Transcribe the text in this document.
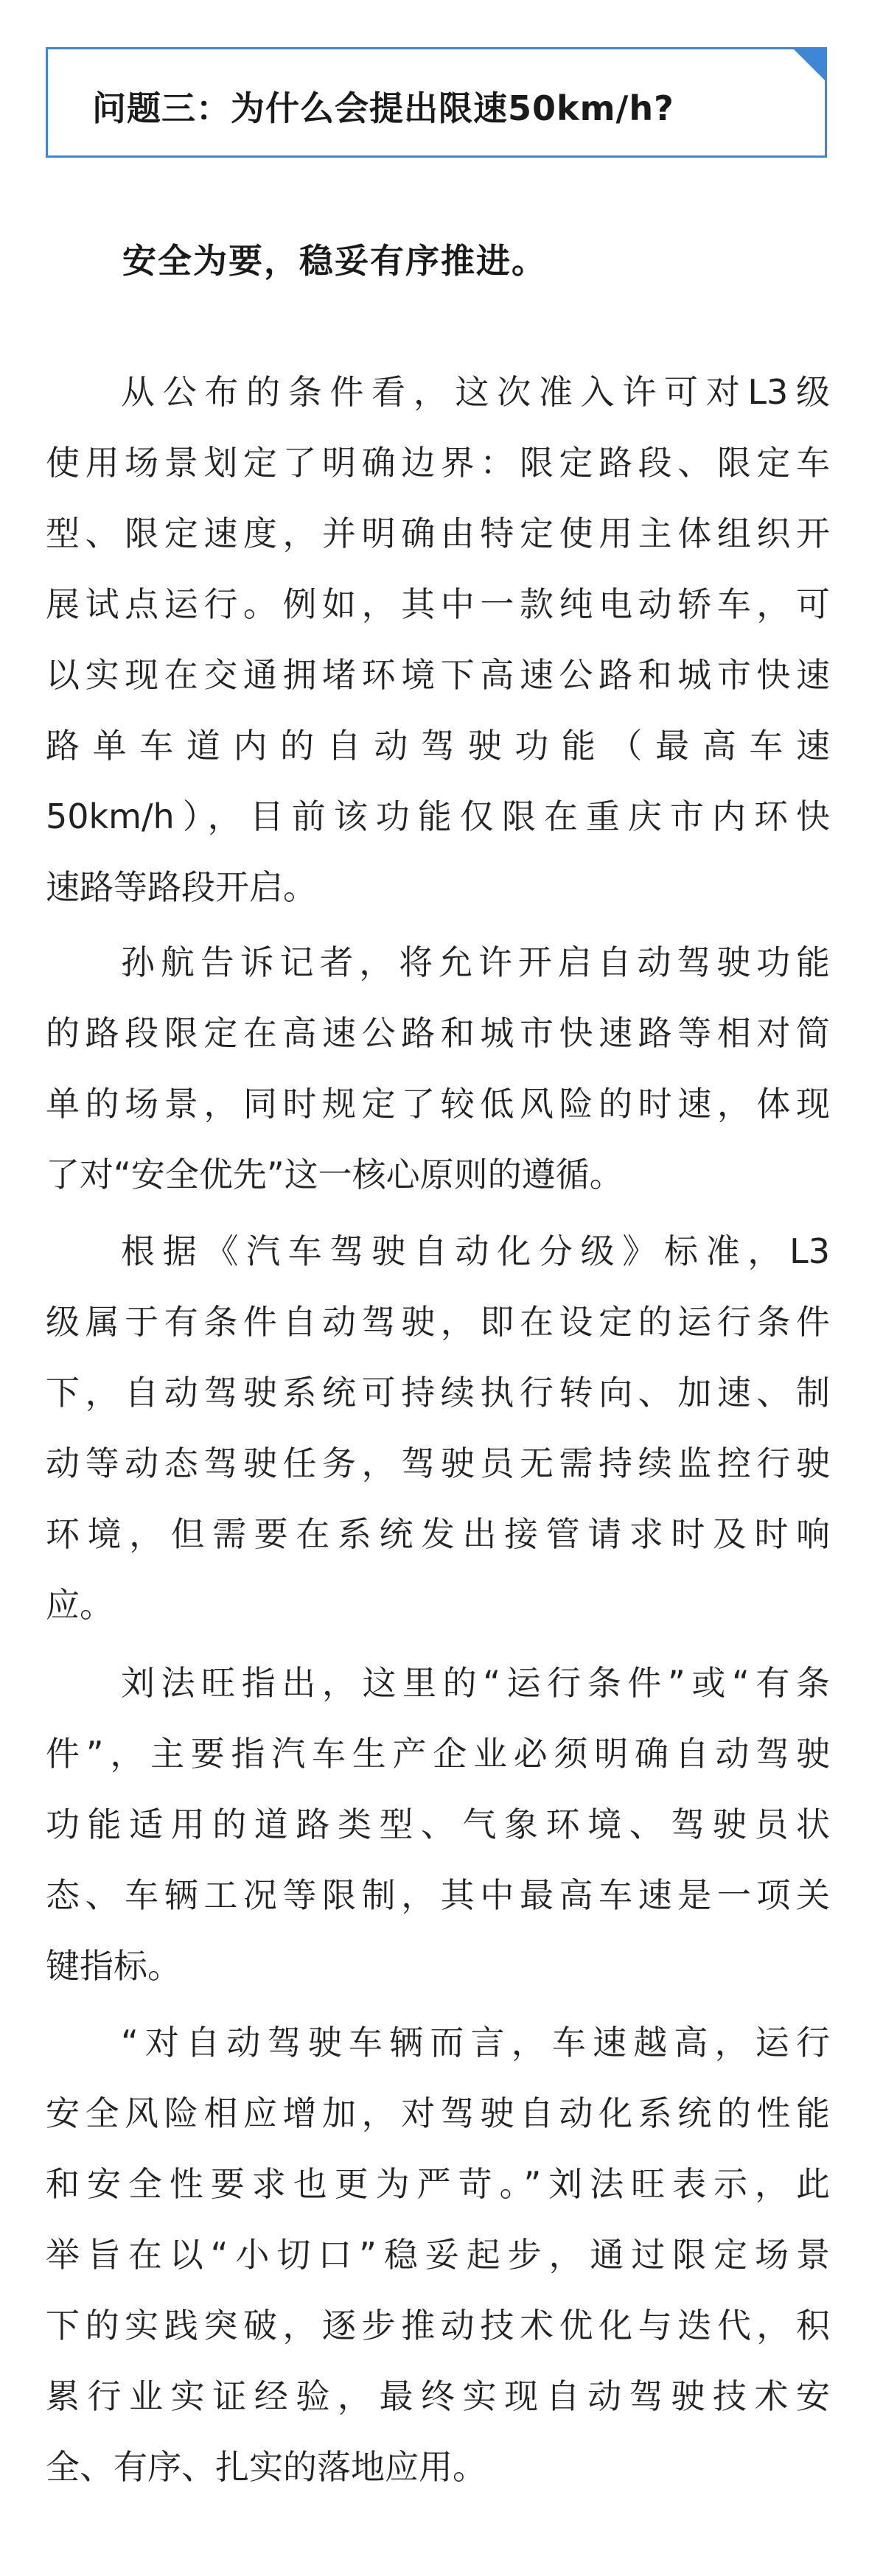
问题三：为什么会提出限速50km/h?
安全为要，稳妥有序推进。
从公布的条件看，这次准入许可对L3级
使用场景划定了明确边界：限定路段、限定车
型、限定速度，并明确由特定使用主体组织开
展试点运行。例如，其中一款纯电动轿车，可
以实现在交通拥堵环境下高速公路和城市快速
路单车道内的自动驾驶功能（最高车速
50km/h），目前该功能仅限在重庆市内环快
速路等路段开启。
孙航告诉记者，将允许开启自动驾驶功能
的路段限定在高速公路和城市快速路等相对简
单的场景，同时规定了较低风险的时速，体现
了对“安全优先”这一核心原则的遵循。
根据《汽车驾驶自动化分级》标准，L3
级属于有条件自动驾驶，即在设定的运行条件
下，自动驾驶系统可持续执行转向、加速、制
动等动态驾驶任务，驾驶员无需持续监控行驶
环境，但需要在系统发出接管请求时及时响
应。
刘法旺指出，这里的“运行条件”或“有条
件”，主要指汽车生产企业必须明确自动驾驶
功能适用的道路类型、气象环境、驾驶员状
态、车辆工况等限制，其中最高车速是一项关
键指标。
“对自动驾驶车辆而言，车速越高，运行
安全风险相应增加，对驾驶自动化系统的性能
和安全性要求也更为严苛。”刘法旺表示，此
举旨在以“小切口”稳妥起步，通过限定场景
下的实践突破，逐步推动技术优化与迭代，积
累行业实证经验，最终实现自动驾驶技术安
全、有序、扎实的落地应用。
